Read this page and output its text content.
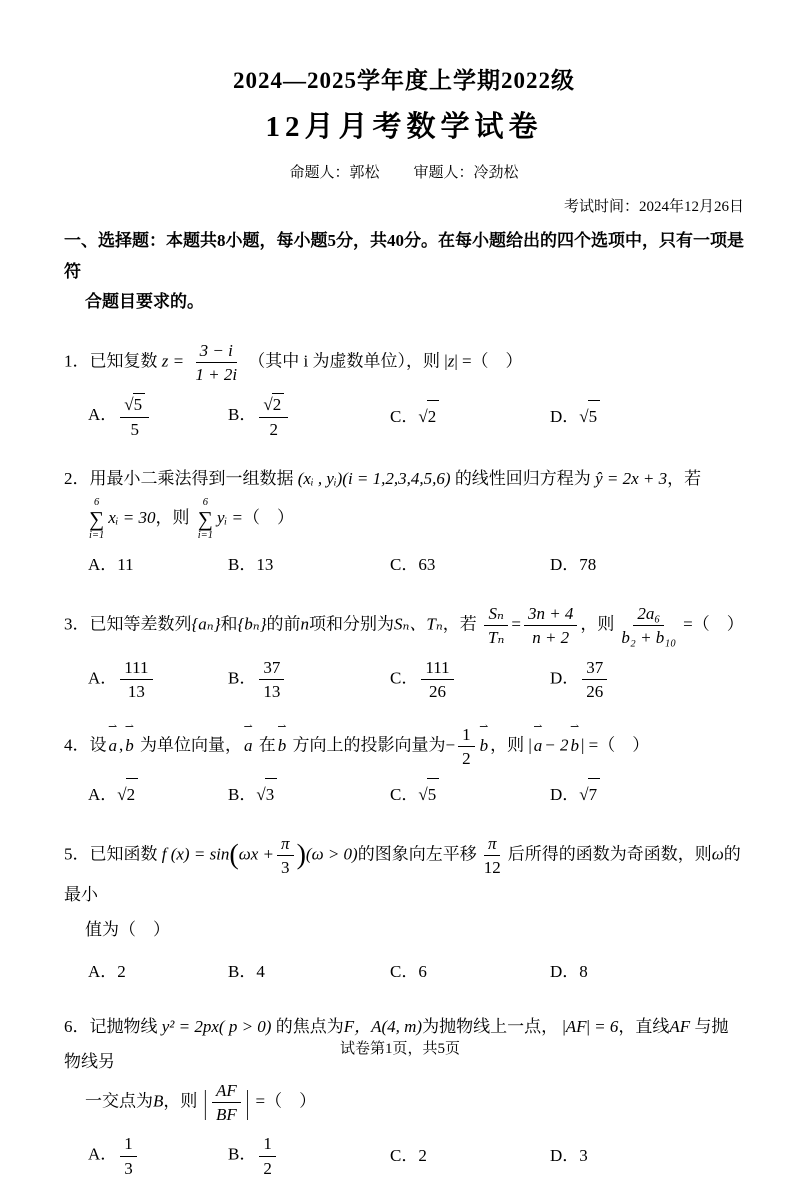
2024—2025学年度上学期2022级
12月月考数学试卷
命题人：郭松 审题人：冷劲松
考试时间：2024年12月26日
一、选择题：本题共8小题，每小题5分，共40分。在每小题给出的四个选项中，只有一项是符
合题目要求的。
1．已知复数 $z = \frac{3 - i}{1 + 2i}$ （其中 i 为虚数单位），则 |z| =（　）
A． $\frac{√5}{5}$	B． $\frac{√2}{2}$	C．√2	D．√5
2．用最小二乘法得到一组数据 (xᵢ , yᵢ)(i = 1,2,3,4,5,6) 的线性回归方程为 ŷ = 2x + 3，若
6
∑
i=1
xᵢ = 30，则
6
∑
i=1
yᵢ =（　）
A．11	B．13	C．63	D．78
3．已知等差数列{aₙ}和{bₙ}的前n项和分别为Sₙ、Tₙ，若 $\frac{\text{Sₙ}}{\text{Tₙ}} = \frac{3n + 4}{n + 2}$ ，则 $\frac{\text{2a₆}}{\text{b₂ + b₁₀}}$ =（　）
A． $\frac{111}{13}$	B． $\frac{37}{13}$	C． $\frac{111}{26}$	D． $\frac{37}{26}$
4．设
⇀
a ,
⇀
b 为单位向量，
⇀
a 在
⇀
b 方向上的投影向量为− $\frac{1}{2}$ ⇀
b ，则 |
⇀
a − 2
⇀
b | =（　）
A．√2	B．√3	C．√5	D．√7
5．已知函数 f $(x) = \sin(\omega x + \frac{\pi}{3} )(\omega > 0)$的图象向左平移 $\frac{\pi}{12}$ 后所得的函数为奇函数，则ω的最小
值为（　）
A．2	B．4	C．6	D．8
6．记抛物线 y² = 2px( p > 0) 的焦点为F，A(4, m)为抛物线上一点， |AF| = 6，直线AF 与抛物线另
一交点为B，则 | $\frac{AF}{BF}$ | =（　）
A． $\frac{1}{3}$	B． $\frac{1}{2}$	C．2	D．3
试卷第1页，共5页
